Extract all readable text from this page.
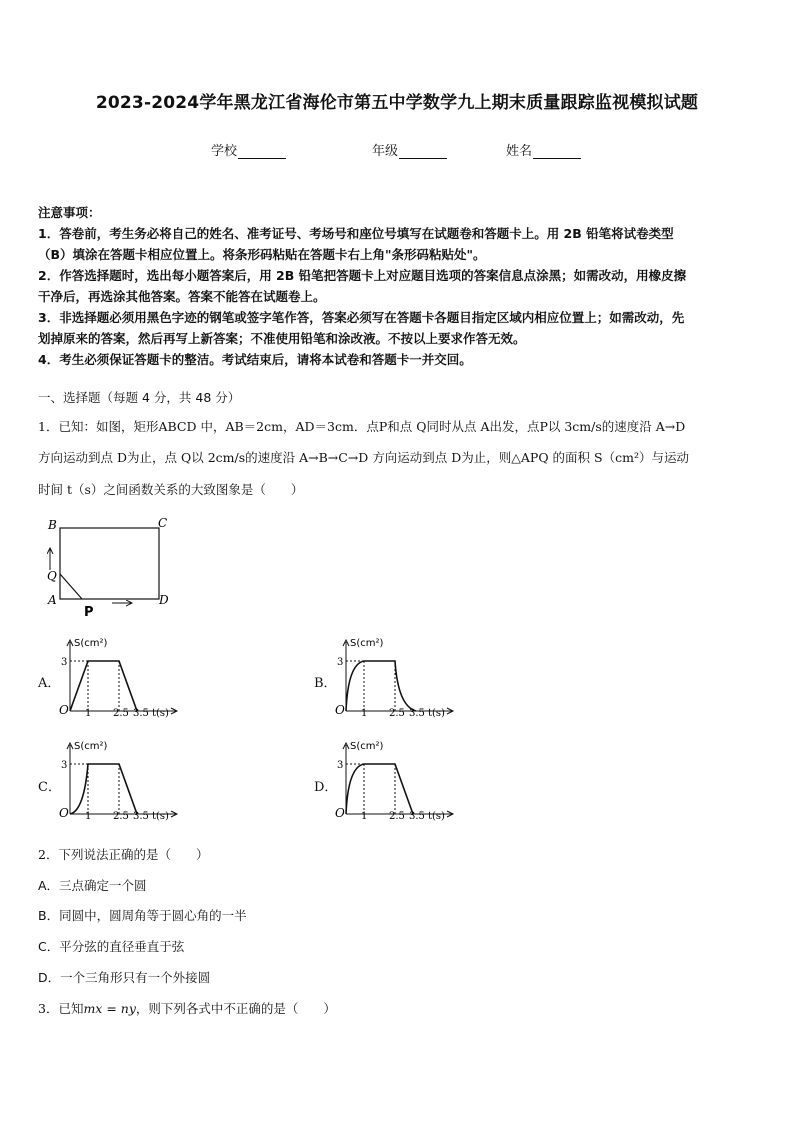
2023-2024学年黑龙江省海伦市第五中学数学九上期末质量跟踪监视模拟试题
学校	年级	姓名
注意事项：
1．答卷前，考生务必将自己的姓名、准考证号、考场号和座位号填写在试题卷和答题卡上。用 2B 铅笔将试卷类型
（B）填涂在答题卡相应位置上。将条形码粘贴在答题卡右上角"条形码粘贴处"。
2．作答选择题时，选出每小题答案后，用 2B 铅笔把答题卡上对应题目选项的答案信息点涂黑；如需改动，用橡皮擦
干净后，再选涂其他答案。答案不能答在试题卷上。
3．非选择题必须用黑色字迹的钢笔或签字笔作答，答案必须写在答题卡各题目指定区域内相应位置上；如需改动，先
划掉原来的答案，然后再写上新答案；不准使用铅笔和涂改液。不按以上要求作答无效。
4．考生必须保证答题卡的整洁。考试结束后，请将本试卷和答题卡一并交回。
一、选择题（每题 4 分，共 48 分）
1．已知：如图，矩形ABCD 中，AB＝2cm，AD＝3cm．点P和点 Q同时从点 A出发，点P以 3cm/s的速度沿 A→D
方向运动到点 D为止，点 Q以 2cm/s的速度沿 A→B→C→D 方向运动到点 D为止，则△APQ 的面积 S（cm²）与运动
时间 t（s）之间函数关系的大致图象是（　　）
B	C
Q
A	D
P
A．	B．
C．	D．
S(cm²)
3
O 1 2.5 3.5 t(s)
S(cm²)
3
O 1 2.5 3.5 t(s)
S(cm²)
3
O 1 2.5 3.5 t(s)
S(cm²)
3
O 1 2.5 3.5 t(s)
2．下列说法正确的是（　　）
A．三点确定一个圆
B．同圆中，圆周角等于圆心角的一半
C．平分弦的直径垂直于弦
D．一个三角形只有一个外接圆
3．已知mx = ny，则下列各式中不正确的是（　　）
